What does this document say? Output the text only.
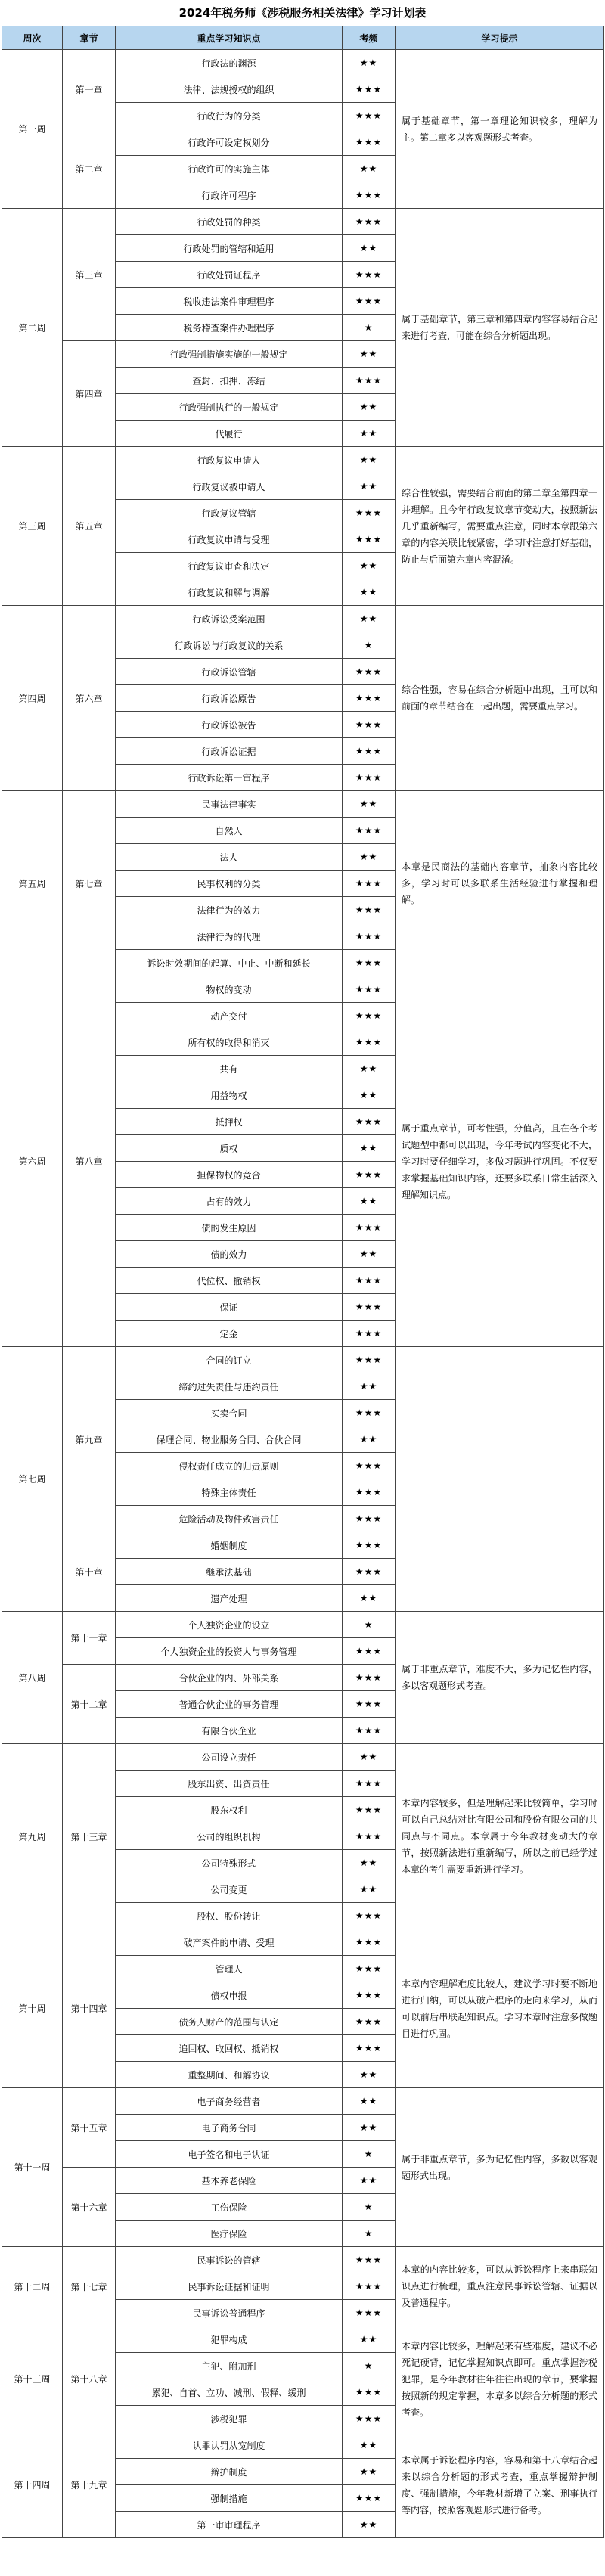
2024年税务师《涉税服务相关法律》学习计划表
周次	章节	重点学习知识点	考频	学习提示
第一周	第一章	行政法的渊源	★★	属于基础章节，第一章理论知识较多，理解为主。第二章多以客观题形式考查。
		法律、法规授权的组织	★★★	
		行政行为的分类	★★★	
	第二章	行政许可设定权划分	★★★	
		行政许可的实施主体	★★	
		行政许可程序	★★★	
第二周	第三章	行政处罚的种类	★★★	属于基础章节，第三章和第四章内容容易结合起来进行考查，可能在综合分析题出现。
		行政处罚的管辖和适用	★★	
		行政处罚证程序	★★★	
		税收违法案件审理程序	★★★	
		税务稽查案件办理程序	★	
	第四章	行政强制措施实施的一般规定	★★	
		查封、扣押、冻结	★★★	
		行政强制执行的一般规定	★★	
		代履行	★★	
第三周	第五章	行政复议申请人	★★	综合性较强，需要结合前面的第二章至第四章一并理解。且今年行政复议章节变动大，按照新法几乎重新编写，需要重点注意，同时本章跟第六章的内容关联比较紧密，学习时注意打好基础，防止与后面第六章内容混淆。
		行政复议被申请人	★★	
		行政复议管辖	★★★	
		行政复议申请与受理	★★★	
		行政复议审查和决定	★★	
		行政复议和解与调解	★★	
第四周	第六章	行政诉讼受案范围	★★	综合性强，容易在综合分析题中出现，且可以和前面的章节结合在一起出题，需要重点学习。
		行政诉讼与行政复议的关系	★	
		行政诉讼管辖	★★★	
		行政诉讼原告	★★★	
		行政诉讼被告	★★★	
		行政诉讼证据	★★★	
		行政诉讼第一审程序	★★★	
第五周	第七章	民事法律事实	★★	本章是民商法的基础内容章节，抽象内容比较多，学习时可以多联系生活经验进行掌握和理解。
		自然人	★★★	
		法人	★★	
		民事权利的分类	★★★	
		法律行为的效力	★★★	
		法律行为的代理	★★★	
		诉讼时效期间的起算、中止、中断和延长	★★★	
第六周	第八章	物权的变动	★★★	属于重点章节，可考性强，分值高，且在各个考试题型中都可以出现，今年考试内容变化不大，学习时要仔细学习，多做习题进行巩固。不仅要求掌握基础知识内容，还要多联系日常生活深入理解知识点。
		动产交付	★★★	
		所有权的取得和消灭	★★★	
		共有	★★	
		用益物权	★★	
		抵押权	★★★	
		质权	★★	
		担保物权的竞合	★★★	
		占有的效力	★★	
		债的发生原因	★★★	
		债的效力	★★	
		代位权、撤销权	★★★	
		保证	★★★	
		定金	★★★	
第七周	第九章	合同的订立	★★★	
		缔约过失责任与违约责任	★★	
		买卖合同	★★★	
		保理合同、物业服务合同、合伙合同	★★	
		侵权责任成立的归责原则	★★★	
		特殊主体责任	★★★	
		危险活动及物件致害责任	★★★	
	第十章	婚姻制度	★★★	
		继承法基础	★★★	
		遗产处理	★★	
第八周	第十一章	个人独资企业的设立	★	属于非重点章节，难度不大，多为记忆性内容，多以客观题形式考查。
		个人独资企业的投资人与事务管理	★★★	
	第十二章	合伙企业的内、外部关系	★★★	
		普通合伙企业的事务管理	★★★	
		有限合伙企业	★★★	
第九周	第十三章	公司设立责任	★★	本章内容较多，但是理解起来比较简单，学习时可以自己总结对比有限公司和股份有限公司的共同点与不同点。本章属于今年教材变动大的章节，按照新法进行重新编写，所以之前已经学过本章的考生需要重新进行学习。
		股东出资、出资责任	★★★	
		股东权利	★★★	
		公司的组织机构	★★★	
		公司特殊形式	★★	
		公司变更	★★	
		股权、股份转让	★★★	
第十周	第十四章	破产案件的申请、受理	★★★	本章内容理解难度比较大，建议学习时要不断地进行归纳，可以从破产程序的走向来学习，从而可以前后串联起知识点。学习本章时注意多做题目进行巩固。
		管理人	★★★	
		债权申报	★★★	
		债务人财产的范围与认定	★★★	
		追回权、取回权、抵销权	★★★	
		重整期间、和解协议	★★	
第十一周	第十五章	电子商务经营者	★★	属于非重点章节，多为记忆性内容，多数以客观题形式出现。
		电子商务合同	★★	
		电子签名和电子认证	★	
	第十六章	基本养老保险	★★	
		工伤保险	★	
		医疗保险	★	
第十二周	第十七章	民事诉讼的管辖	★★★	本章的内容比较多，可以从诉讼程序上来串联知识点进行梳理，重点注意民事诉讼管辖、证据以及普通程序。
		民事诉讼证据和证明	★★★	
		民事诉讼普通程序	★★★	
第十三周	第十八章	犯罪构成	★★	本章内容比较多，理解起来有些难度，建议不必死记硬背，记忆掌握知识点即可。重点掌握涉税犯罪，是今年教材往年往往出现的章节，要掌握按照新的规定掌握，本章多以综合分析题的形式考查。
		主犯、附加刑	★	
		累犯、自首、立功、减刑、假释、缓刑	★★★	
		涉税犯罪	★★★	
第十四周	第十九章	认罪认罚从宽制度	★★	本章属于诉讼程序内容，容易和第十八章结合起来以综合分析题的形式考查，重点掌握辩护制度、强制措施，今年教材新增了立案、刑事执行等内容，按照客观题形式进行备考。
		辩护制度	★★	
		强制措施	★★★	
		第一审审理程序	★★	
